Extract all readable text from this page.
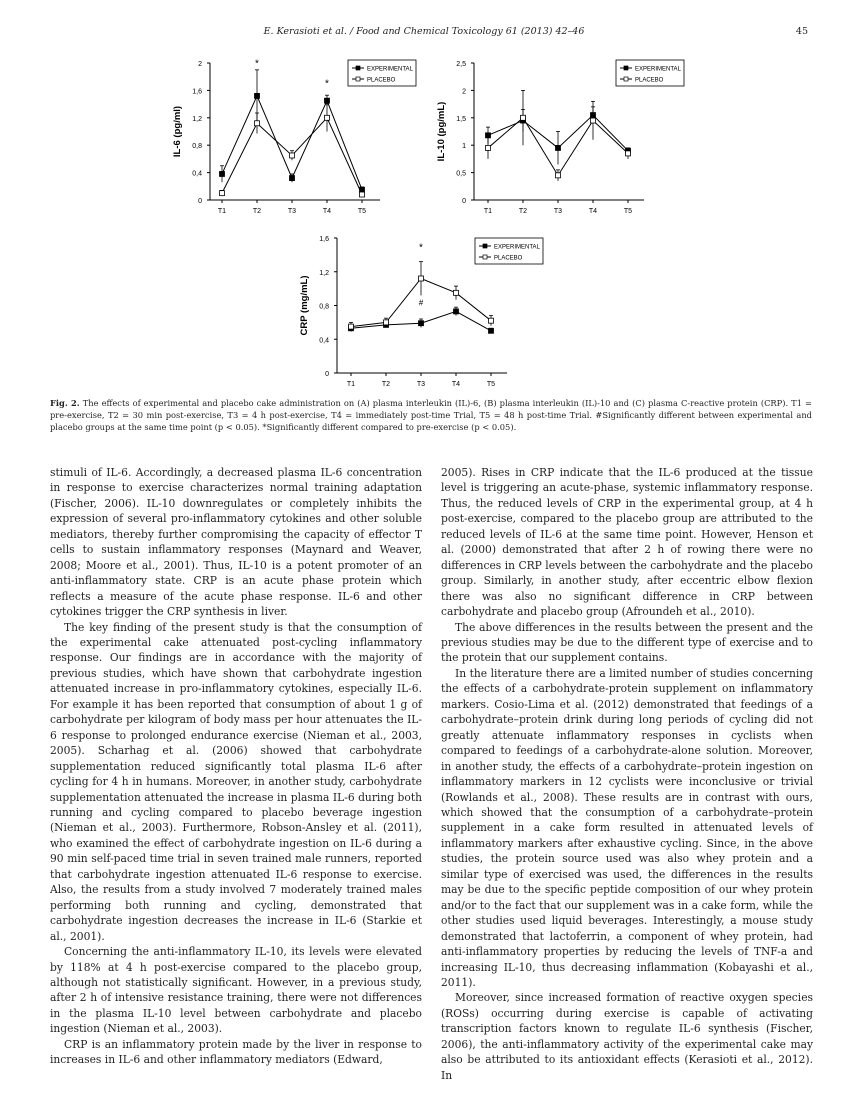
E. Kerasioti et al. / Food and Chemical Toxicology 61 (2013) 42–46	45
0
0,4
0,8
1,2
1,6
2
T1	T2	T3	T4	T5
IL-6 (pg/ml)
*
*
EXPERIMENTAL
PLACEBO
0
0,5
1
1,5
2
2,5
T1	T2	T3	T4	T5
IL-10 (pg/mL)
EXPERIMENTAL
PLACEBO
0
0,4
0,8
1,2
1,6
T1	T2	T3	T4	T5
CRP (mg/mL)
*
#
EXPERIMENTAL
PLACEBO
Fig. 2. The effects of experimental and placebo cake administration on (A) plasma interleukin (IL)-6, (B) plasma interleukin (IL)-10 and (C) plasma C-reactive protein (CRP). T1 = pre-exercise, T2 = 30 min post-exercise, T3 = 4 h post-exercise, T4 = immediately post-time Trial, T5 = 48 h post-time Trial. #Significantly different between experimental and placebo groups at the same time point (p < 0.05). *Significantly different compared to pre-exercise (p < 0.05).

stimuli of IL-6. Accordingly, a decreased plasma IL-6 concentration in response to exercise characterizes normal training adaptation (Fischer, 2006). IL-10 downregulates or completely inhibits the expression of several pro-inflammatory cytokines and other soluble mediators, thereby further compromising the capacity of effector T cells to sustain inflammatory responses (Maynard and Weaver, 2008; Moore et al., 2001). Thus, IL-10 is a potent promoter of an anti-inflammatory state. CRP is an acute phase protein which reflects a measure of the acute phase response. IL-6 and other cytokines trigger the CRP synthesis in liver.

The key finding of the present study is that the consumption of the experimental cake attenuated post-cycling inflammatory response. Our findings are in accordance with the majority of previous studies, which have shown that carbohydrate ingestion attenuated increase in pro-inflammatory cytokines, especially IL-6. For example it has been reported that consumption of about 1 g of carbohydrate per kilogram of body mass per hour attenuates the IL-6 response to prolonged endurance exercise (Nieman et al., 2003, 2005). Scharhag et al. (2006) showed that carbohydrate supplementation reduced significantly total plasma IL-6 after cycling for 4 h in humans. Moreover, in another study, carbohydrate supplementation attenuated the increase in plasma IL-6 during both running and cycling compared to placebo beverage ingestion (Nieman et al., 2003). Furthermore, Robson-Ansley et al. (2011), who examined the effect of carbohydrate ingestion on IL-6 during a 90 min self-paced time trial in seven trained male runners, reported that carbohydrate ingestion attenuated IL-6 response to exercise. Also, the results from a study involved 7 moderately trained males performing both running and cycling, demonstrated that carbohydrate ingestion decreases the increase in IL-6 (Starkie et al., 2001).

Concerning the anti-inflammatory IL-10, its levels were elevated by 118% at 4 h post-exercise compared to the placebo group, although not statistically significant. However, in a previous study, after 2 h of intensive resistance training, there were not differences in the plasma IL-10 level between carbohydrate and placebo ingestion (Nieman et al., 2003).

CRP is an inflammatory protein made by the liver in response to increases in IL-6 and other inflammatory mediators (Edward,

2005). Rises in CRP indicate that the IL-6 produced at the tissue level is triggering an acute-phase, systemic inflammatory response. Thus, the reduced levels of CRP in the experimental group, at 4 h post-exercise, compared to the placebo group are attributed to the reduced levels of IL-6 at the same time point. However, Henson et al. (2000) demonstrated that after 2 h of rowing there were no differences in CRP levels between the carbohydrate and the placebo group. Similarly, in another study, after eccentric elbow flexion there was also no significant difference in CRP between carbohydrate and placebo group (Afroundeh et al., 2010).

The above differences in the results between the present and the previous studies may be due to the different type of exercise and to the protein that our supplement contains.

In the literature there are a limited number of studies concerning the effects of a carbohydrate-protein supplement on inflammatory markers. Cosio-Lima et al. (2012) demonstrated that feedings of a carbohydrate–protein drink during long periods of cycling did not greatly attenuate inflammatory responses in cyclists when compared to feedings of a carbohydrate-alone solution. Moreover, in another study, the effects of a carbohydrate–protein ingestion on inflammatory markers in 12 cyclists were inconclusive or trivial (Rowlands et al., 2008). These results are in contrast with ours, which showed that the consumption of a carbohydrate–protein supplement in a cake form resulted in attenuated levels of inflammatory markers after exhaustive cycling. Since, in the above studies, the protein source used was also whey protein and a similar type of exercised was used, the differences in the results may be due to the specific peptide composition of our whey protein and/or to the fact that our supplement was in a cake form, while the other studies used liquid beverages. Interestingly, a mouse study demonstrated that lactoferrin, a component of whey protein, had anti-inflammatory properties by reducing the levels of TNF-a and increasing IL-10, thus decreasing inflammation (Kobayashi et al., 2011).

Moreover, since increased formation of reactive oxygen species (ROSs) occurring during exercise is capable of activating transcription factors known to regulate IL-6 synthesis (Fischer, 2006), the anti-inflammatory activity of the experimental cake may also be attributed to its antioxidant effects (Kerasioti et al., 2012). In
